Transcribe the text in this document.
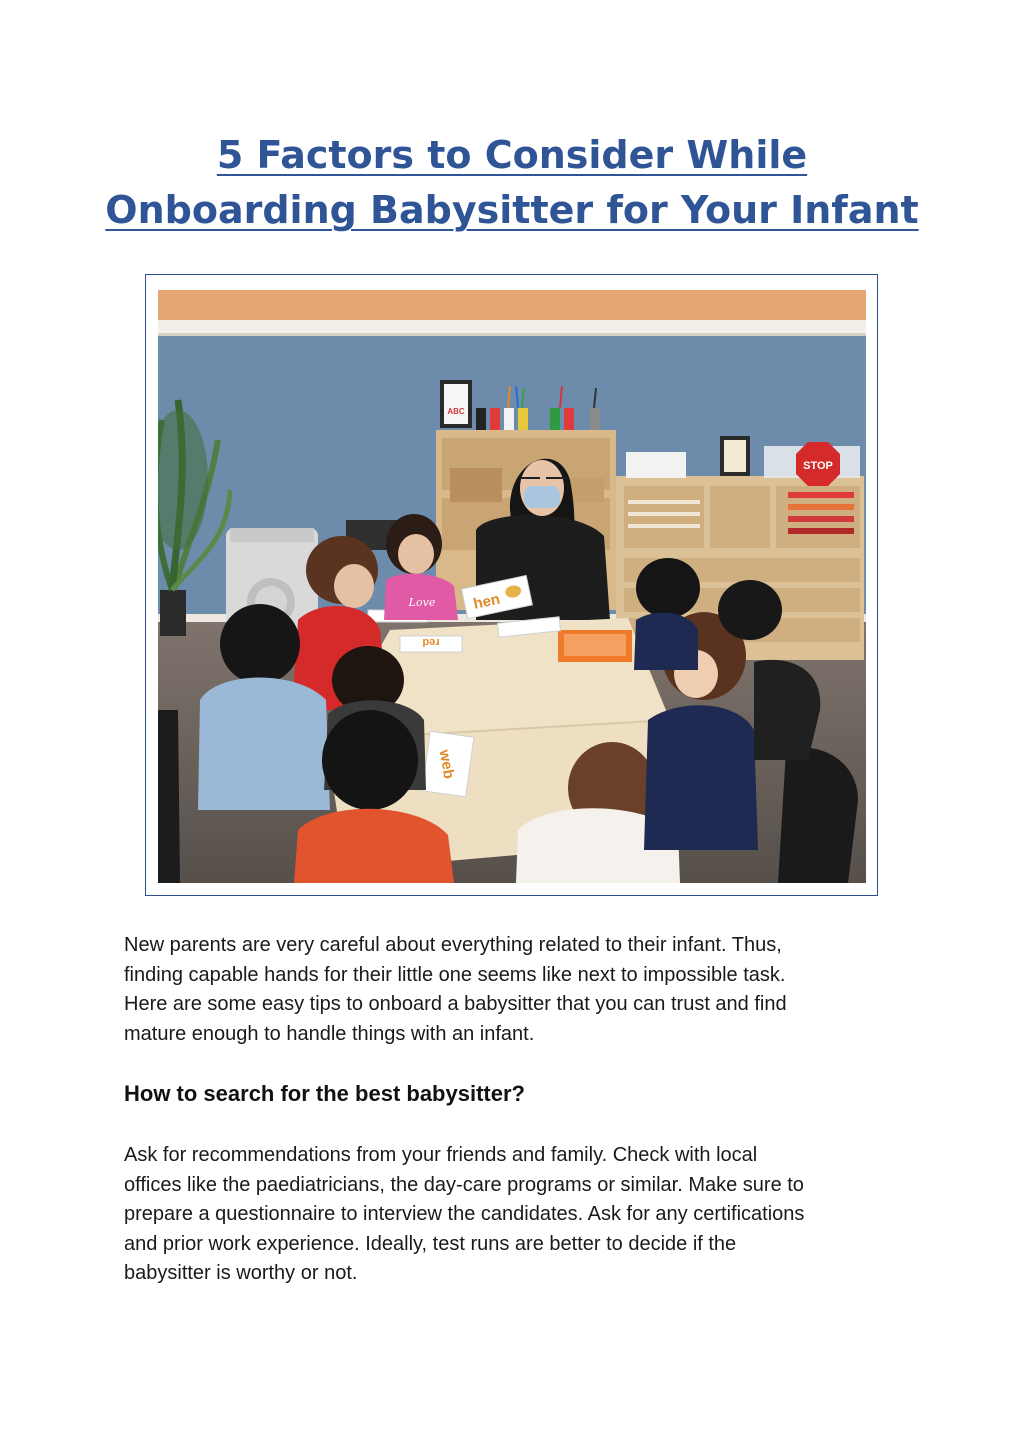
5 Factors to Consider While
Onboarding Babysitter for Your Infant
ABC
STOP
hen
web
red
Love

New parents are very careful about everything related to their infant. Thus,
finding capable hands for their little one seems like next to impossible task.
Here are some easy tips to onboard a babysitter that you can trust and find
mature enough to handle things with an infant.

How to search for the best babysitter?

Ask for recommendations from your friends and family. Check with local
offices like the paediatricians, the day-care programs or similar. Make sure to
prepare a questionnaire to interview the candidates. Ask for any certifications
and prior work experience. Ideally, test runs are better to decide if the
babysitter is worthy or not.
